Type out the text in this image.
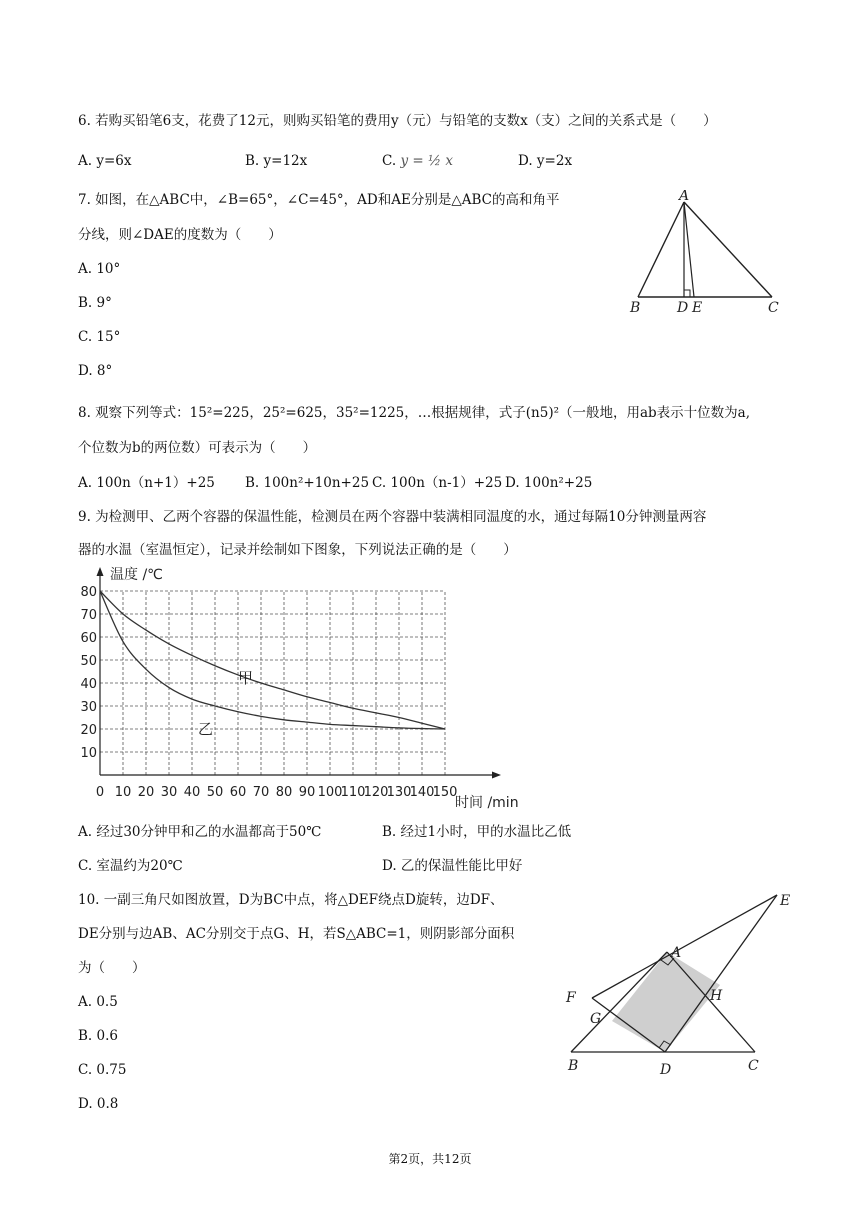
6. 若购买铅笔6支，花费了12元，则购买铅笔的费用y（元）与铅笔的支数x（支）之间的关系式是（　　）
A. y=6x	B. y=12x	C. y = ½ x	D. y=2x
7. 如图，在△ABC中，∠B=65°，∠C=45°，AD和AE分别是△ABC的高和角平
分线，则∠DAE的度数为（　　）
A. 10°
B. 9°
C. 15°
D. 8°
A
B	D E	C
8. 观察下列等式：15²=225，25²=625，35²=1225，…根据规律，式子(n5)²（一般地，用ab表示十位数为a,
个位数为b的两位数）可表示为（　　）
A. 100n（n+1）+25 B. 100n²+10n+25 C. 100n（n-1）+25 D. 100n²+25
9. 为检测甲、乙两个容器的保温性能，检测员在两个容器中装满相同温度的水，通过每隔10分钟测量两容
器的水温（室温恒定），记录并绘制如下图象，下列说法正确的是（　　）
0 10 20 30 40 50 60 70 80 90 100
110
120
130
140
150
10
20
30
40
50
60
70
80
温度 /℃
时间 /min
甲
乙
A. 经过30分钟甲和乙的水温都高于50℃	B. 经过1小时，甲的水温比乙低
C. 室温约为20℃	D. 乙的保温性能比甲好
10. 一副三角尺如图放置，D为BC中点，将△DEF绕点D旋转，边DF、
DE分别与边AB、AC分别交于点G、H，若S△ABC=1，则阴影部分面积
为（　　）
A. 0.5
B. 0.6
C. 0.75
D. 0.8
E
A
F	H
G
B	D	C
第2页，共12页
